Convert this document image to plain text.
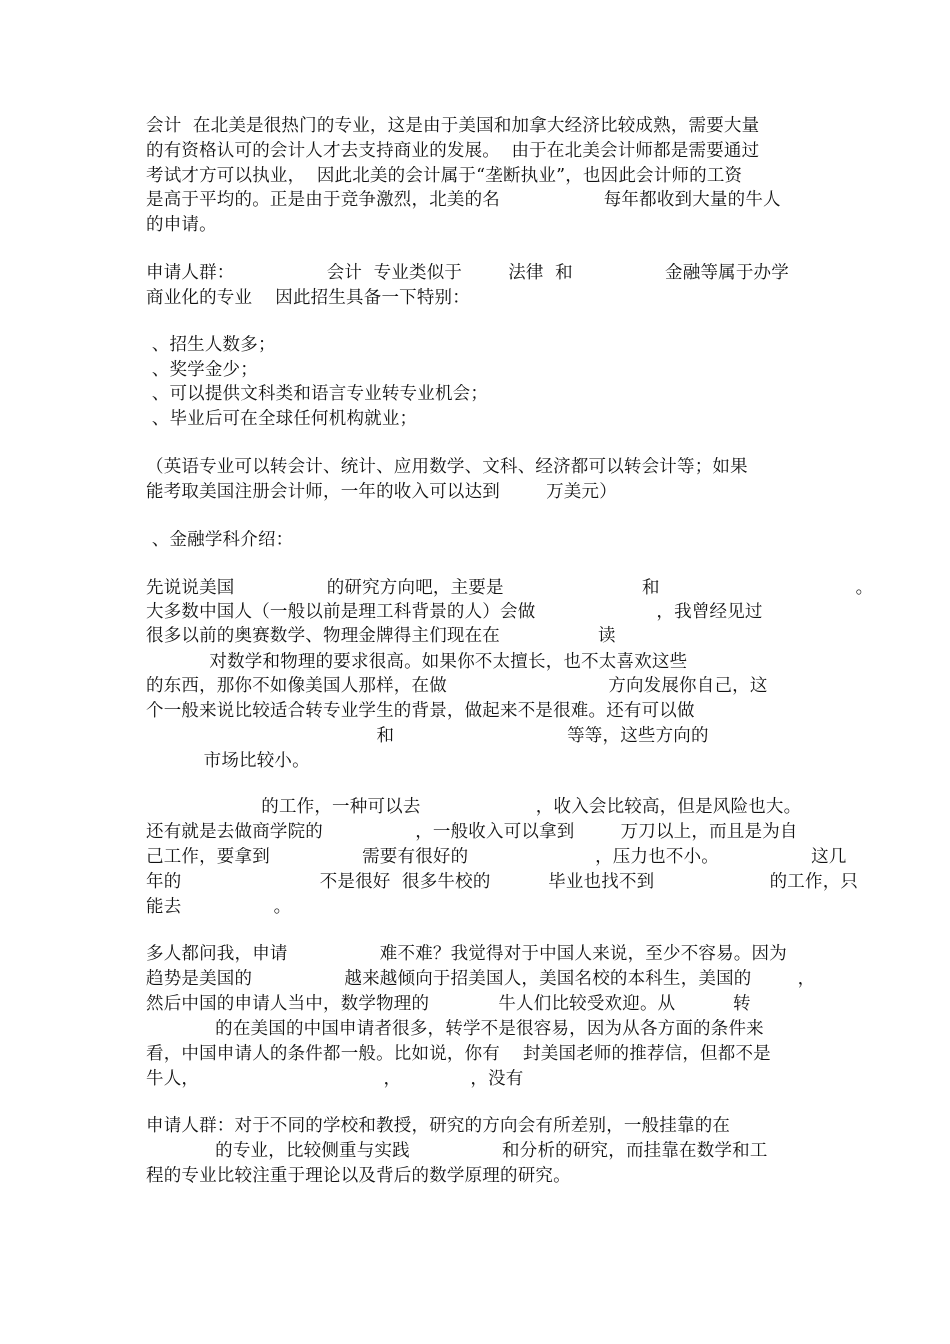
会计  在北美是很热门的专业，这是由于美国和加拿大经济比较成熟，需要大量
的有资格认可的会计人才去支持商业的发展。  由于在北美会计师都是需要通过
考试才方可以执业，  因此北美的会计属于“垄断执业”，也因此会计师的工资
是高于平均的。正是由于竞争激烈，北美的名                  每年都收到大量的牛人
的申请。
申请人群：                会计  专业类似于        法律  和                金融等属于办学
商业化的专业    因此招生具备一下特别：
、招生人数多；
、奖学金少；
、可以提供文科类和语言专业转专业机会；
、毕业后可在全球任何机构就业；
（英语专业可以转会计、统计、应用数学、文科、经济都可以转会计等；如果
能考取美国注册会计师，一年的收入可以达到        万美元）
、金融学科介绍：
先说说美国                的研究方向吧，主要是                        和                                  。
大多数中国人（一般以前是理工科背景的人）会做                     ，我曾经见过
很多以前的奥赛数学、物理金牌得主们现在在                 读
对数学和物理的要求很高。如果你不太擅长，也不太喜欢这些
的东西，那你不如像美国人那样，在做                            方向发展你自己，这
个一般来说比较适合转专业学生的背景，做起来不是很难。还有可以做
和                              等等，这些方向的
市场比较小。
的工作，一种可以去                    ，收入会比较高，但是风险也大。
还有就是去做商学院的                ，一般收入可以拿到        万刀以上，而且是为自
己工作，要拿到                需要有很好的                      ，压力也不小。                这几
年的                        不是很好  很多牛校的          毕业也找不到                    的工作，只
能去                。
多人都问我，申请                难不难？我觉得对于中国人来说，至少不容易。因为
趋势是美国的                越来越倾向于招美国人，美国名校的本科生，美国的        ，
然后中国的申请人当中，数学物理的            牛人们比较受欢迎。从          转
的在美国的中国申请者很多，转学不是很容易，因为从各方面的条件来
看，中国申请人的条件都一般。比如说，你有    封美国老师的推荐信，但都不是
牛人，                                ，            ，没有
申请人群：对于不同的学校和教授，研究的方向会有所差别，一般挂靠的在
的专业，比较侧重与实践                和分析的研究，而挂靠在数学和工
程的专业比较注重于理论以及背后的数学原理的研究。
